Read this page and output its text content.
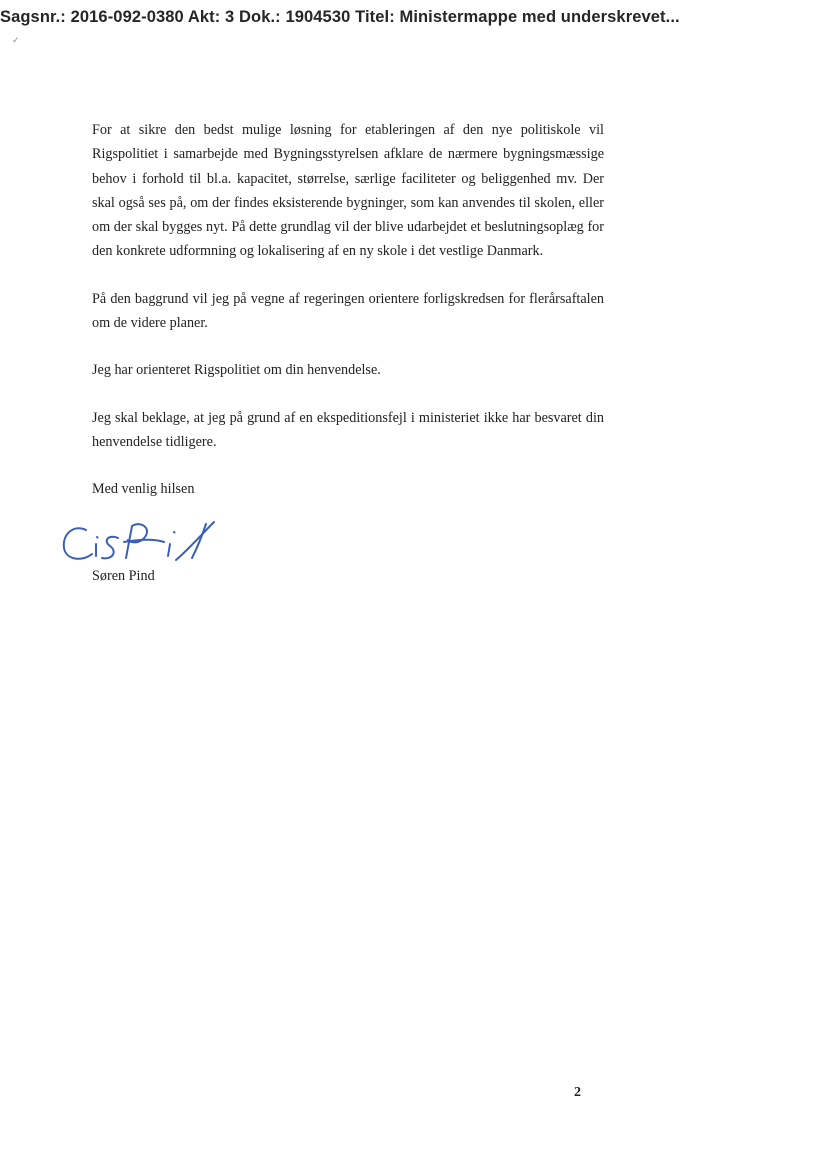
Sagsnr.: 2016-092-0380 Akt: 3 Dok.: 1904530 Titel: Ministermappe med underskrevet...
✓

For at sikre den bedst mulige løsning for etableringen af den nye politiskole vil Rigspolitiet i samarbejde med Bygningsstyrelsen afklare de nærmere bygningsmæssige behov i forhold til bl.a. kapacitet, størrelse, særlige faciliteter og beliggenhed mv. Der skal også ses på, om der findes eksisterende bygninger, som kan anvendes til skolen, eller om der skal bygges nyt. På dette grundlag vil der blive udarbejdet et beslutningsoplæg for den konkrete udformning og lokalisering af en ny skole i det vestlige Danmark.

På den baggrund vil jeg på vegne af regeringen orientere forligskredsen for flerårsaftalen om de videre planer.

Jeg har orienteret Rigspolitiet om din henvendelse.

Jeg skal beklage, at jeg på grund af en ekspeditionsfejl i ministeriet ikke har besvaret din henvendelse tidligere.

Med venlig hilsen

Søren Pind
2
